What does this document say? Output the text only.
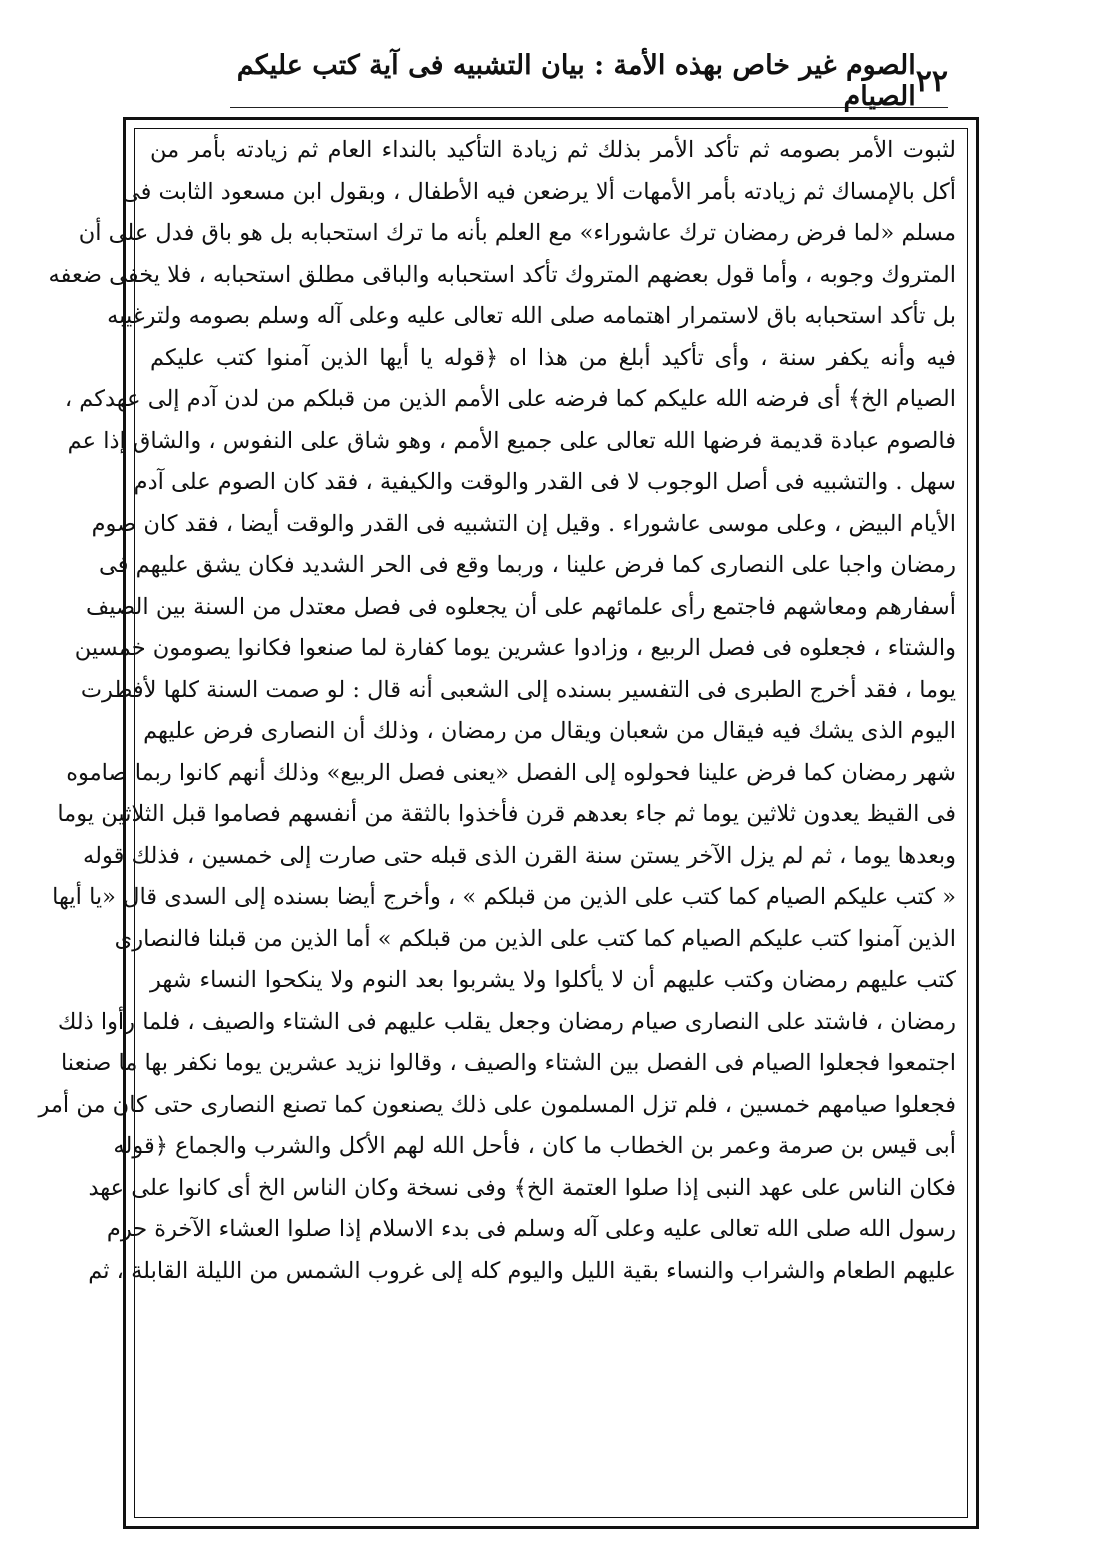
٢٢
الصوم غير خاص بهذه الأمة : بيان التشبيه فى آية كتب عليكم الصيام
لثبوت الأمر بصومه ثم تأكد الأمر بذلك ثم زيادة التأكيد بالنداء العام ثم زيادته بأمر من
أكل بالإمساك ثم زيادته بأمر الأمهات ألا يرضعن فيه الأطفال ، وبقول ابن مسعود الثابت فى
مسلم «لما فرض رمضان ترك عاشوراء» مع العلم بأنه ما ترك استحبابه بل هو باق فدل على أن
المتروك وجوبه ، وأما قول بعضهم المتروك تأكد استحبابه والباقى مطلق استحبابه ، فلا يخفى ضعفه
بل تأكد استحبابه باق لاستمرار اهتمامه صلى الله تعالى عليه وعلى آله وسلم بصومه ولترغيبه
فيه وأنه يكفر سنة ، وأى تأكيد أبلغ من هذا اه ﴿قوله يا أيها الذين آمنوا كتب عليكم
الصيام الخ﴾ أى فرضه الله عليكم كما فرضه على الأمم الذين من قبلكم من لدن آدم إلى عهدكم ،
فالصوم عبادة قديمة فرضها الله تعالى على جميع الأمم ، وهو شاق على النفوس ، والشاق إذا عم
سهل . والتشبيه فى أصل الوجوب لا فى القدر والوقت والكيفية ، فقد كان الصوم على آدم
الأيام البيض ، وعلى موسى عاشوراء . وقيل إن التشبيه فى القدر والوقت أيضا ، فقد كان صوم
رمضان واجبا على النصارى كما فرض علينا ، وربما وقع فى الحر الشديد فكان يشق عليهم فى
أسفارهم ومعاشهم فاجتمع رأى علمائهم على أن يجعلوه فى فصل معتدل من السنة بين الصيف
والشتاء ، فجعلوه فى فصل الربيع ، وزادوا عشرين يوما كفارة لما صنعوا فكانوا يصومون خمسين
يوما ، فقد أخرج الطبرى فى التفسير بسنده إلى الشعبى أنه قال : لو صمت السنة كلها لأفطرت
اليوم الذى يشك فيه فيقال من شعبان ويقال من رمضان ، وذلك أن النصارى فرض عليهم
شهر رمضان كما فرض علينا فحولوه إلى الفصل «يعنى فصل الربيع» وذلك أنهم كانوا ربما صاموه
فى القيظ يعدون ثلاثين يوما ثم جاء بعدهم قرن فأخذوا بالثقة من أنفسهم فصاموا قبل الثلاثين يوما
وبعدها يوما ، ثم لم يزل الآخر يستن سنة القرن الذى قبله حتى صارت إلى خمسين ، فذلك قوله
« كتب عليكم الصيام كما كتب على الذين من قبلكم » ، وأخرج أيضا بسنده إلى السدى قال «يا أيها
الذين آمنوا كتب عليكم الصيام كما كتب على الذين من قبلكم » أما الذين من قبلنا فالنصارى
كتب عليهم رمضان وكتب عليهم أن لا يأكلوا ولا يشربوا بعد النوم ولا ينكحوا النساء شهر
رمضان ، فاشتد على النصارى صيام رمضان وجعل يقلب عليهم فى الشتاء والصيف ، فلما رأوا ذلك
اجتمعوا فجعلوا الصيام فى الفصل بين الشتاء والصيف ، وقالوا نزيد عشرين يوما نكفر بها ما صنعنا
فجعلوا صيامهم خمسين ، فلم تزل المسلمون على ذلك يصنعون كما تصنع النصارى حتى كان من أمر
أبى قيس بن صرمة وعمر بن الخطاب ما كان ، فأحل الله لهم الأكل والشرب والجماع ﴿قوله
فكان الناس على عهد النبى إذا صلوا العتمة الخ﴾ وفى نسخة وكان الناس الخ أى كانوا على عهد
رسول الله صلى الله تعالى عليه وعلى آله وسلم فى بدء الاسلام إذا صلوا العشاء الآخرة حرم
عليهم الطعام والشراب والنساء بقية الليل واليوم كله إلى غروب الشمس من الليلة القابلة ، ثم
